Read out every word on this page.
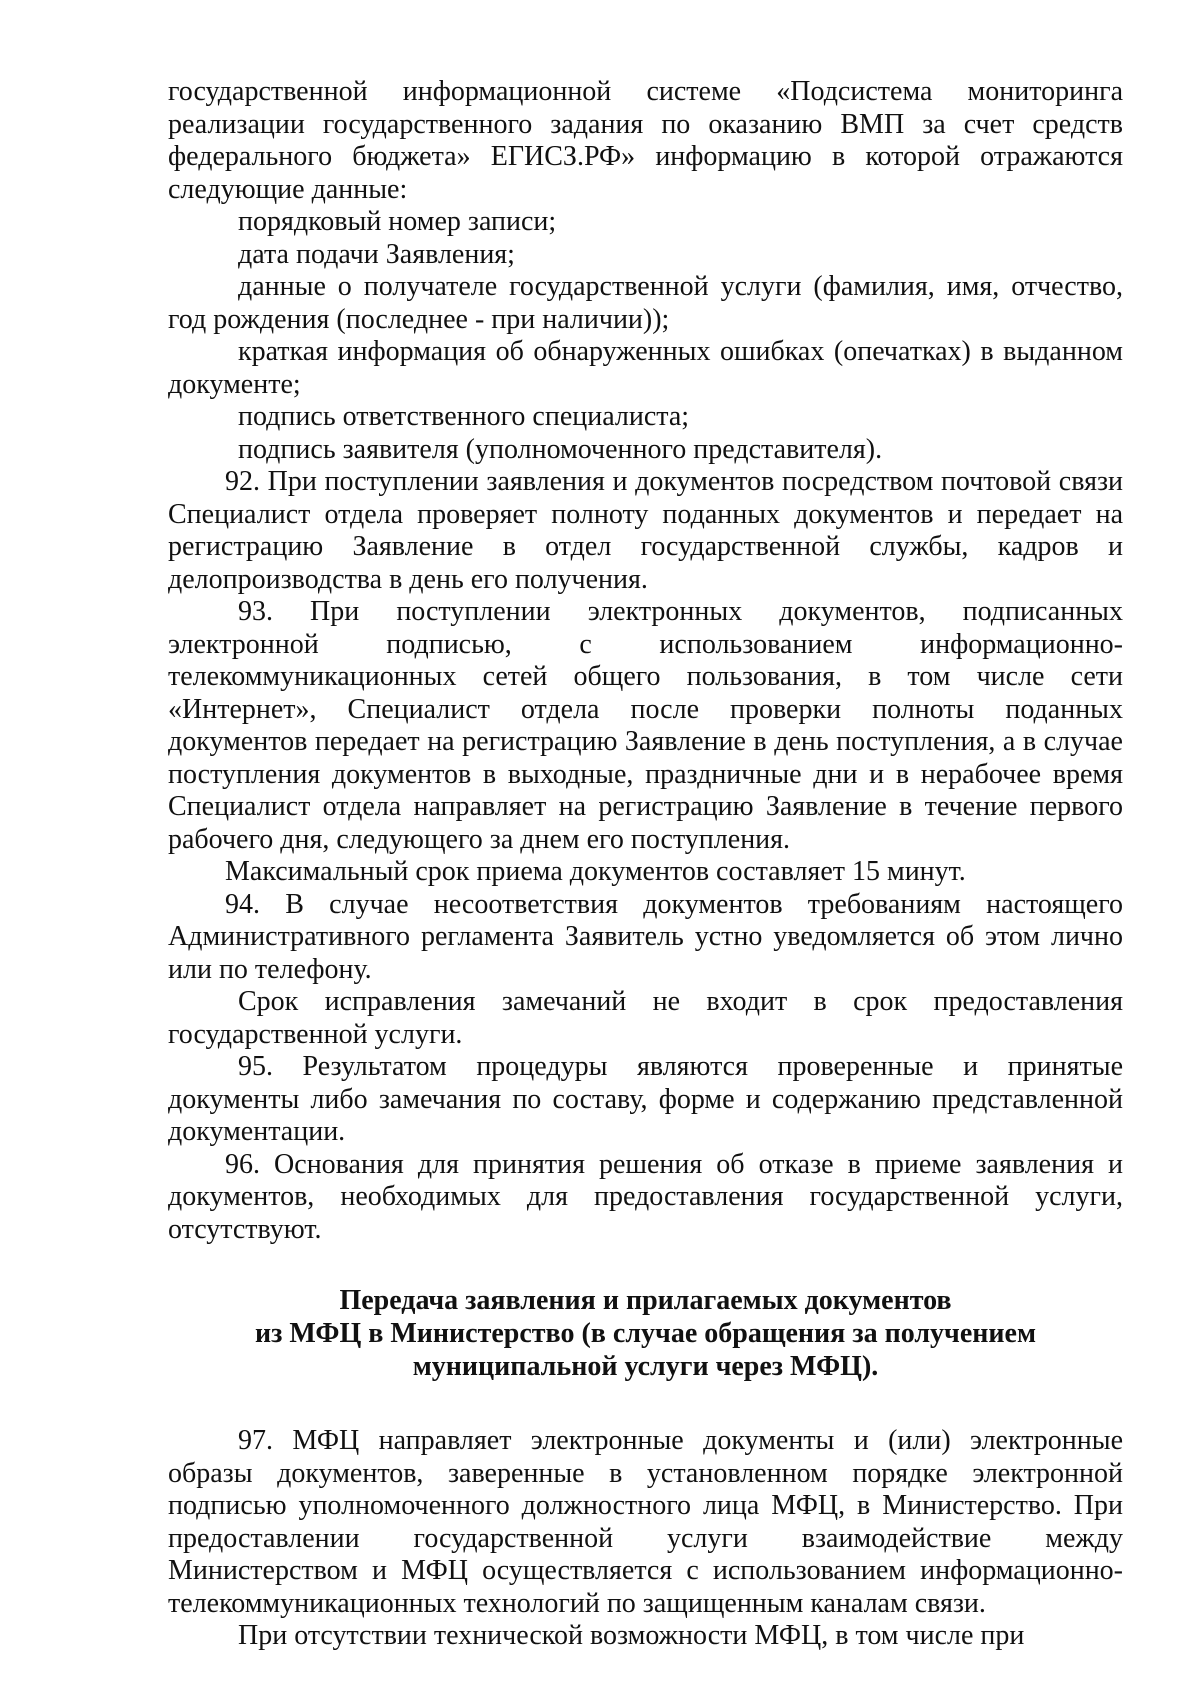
государственной информационной системе «Подсистема мониторинга реализации государственного задания по оказанию ВМП за счет средств федерального бюджета» ЕГИСЗ.РФ» информацию в которой отражаются следующие данные:

порядковый номер записи;

дата подачи Заявления;

данные о получателе государственной услуги (фамилия, имя, отчество, год рождения (последнее - при наличии));

краткая информация об обнаруженных ошибках (опечатках) в выданном документе;

подпись ответственного специалиста;

подпись заявителя (уполномоченного представителя).

92. При поступлении заявления и документов посредством почтовой связи Специалист отдела проверяет полноту поданных документов и передает на регистрацию Заявление в отдел государственной службы, кадров и делопроизводства в день его получения.

93. При поступлении электронных документов, подписанных электронной подписью, с использованием информационно-телекоммуникационных сетей общего пользования, в том числе сети «Интернет», Специалист отдела после проверки полноты поданных документов передает на регистрацию Заявление в день поступления, а в случае поступления документов в выходные, праздничные дни и в нерабочее время Специалист отдела направляет на регистрацию Заявление в течение первого рабочего дня, следующего за днем его поступления.

Максимальный срок приема документов составляет 15 минут.

94. В случае несоответствия документов требованиям настоящего Административного регламента Заявитель устно уведомляется об этом лично или по телефону.

Срок исправления замечаний не входит в срок предоставления государственной услуги.

95. Результатом процедуры являются проверенные и принятые документы либо замечания по составу, форме и содержанию представленной документации.

96. Основания для принятия решения об отказе в приеме заявления и документов, необходимых для предоставления государственной услуги, отсутствуют.

Передача заявления и прилагаемых документов
из МФЦ в Министерство (в случае обращения за получением
муниципальной услуги через МФЦ).

97. МФЦ направляет электронные документы и (или) электронные образы документов, заверенные в установленном порядке электронной подписью уполномоченного должностного лица МФЦ, в Министерство. При предоставлении государственной услуги взаимодействие между Министерством и МФЦ осуществляется с использованием информационно-телекоммуникационных технологий по защищенным каналам связи.

При отсутствии технической возможности МФЦ, в том числе при
